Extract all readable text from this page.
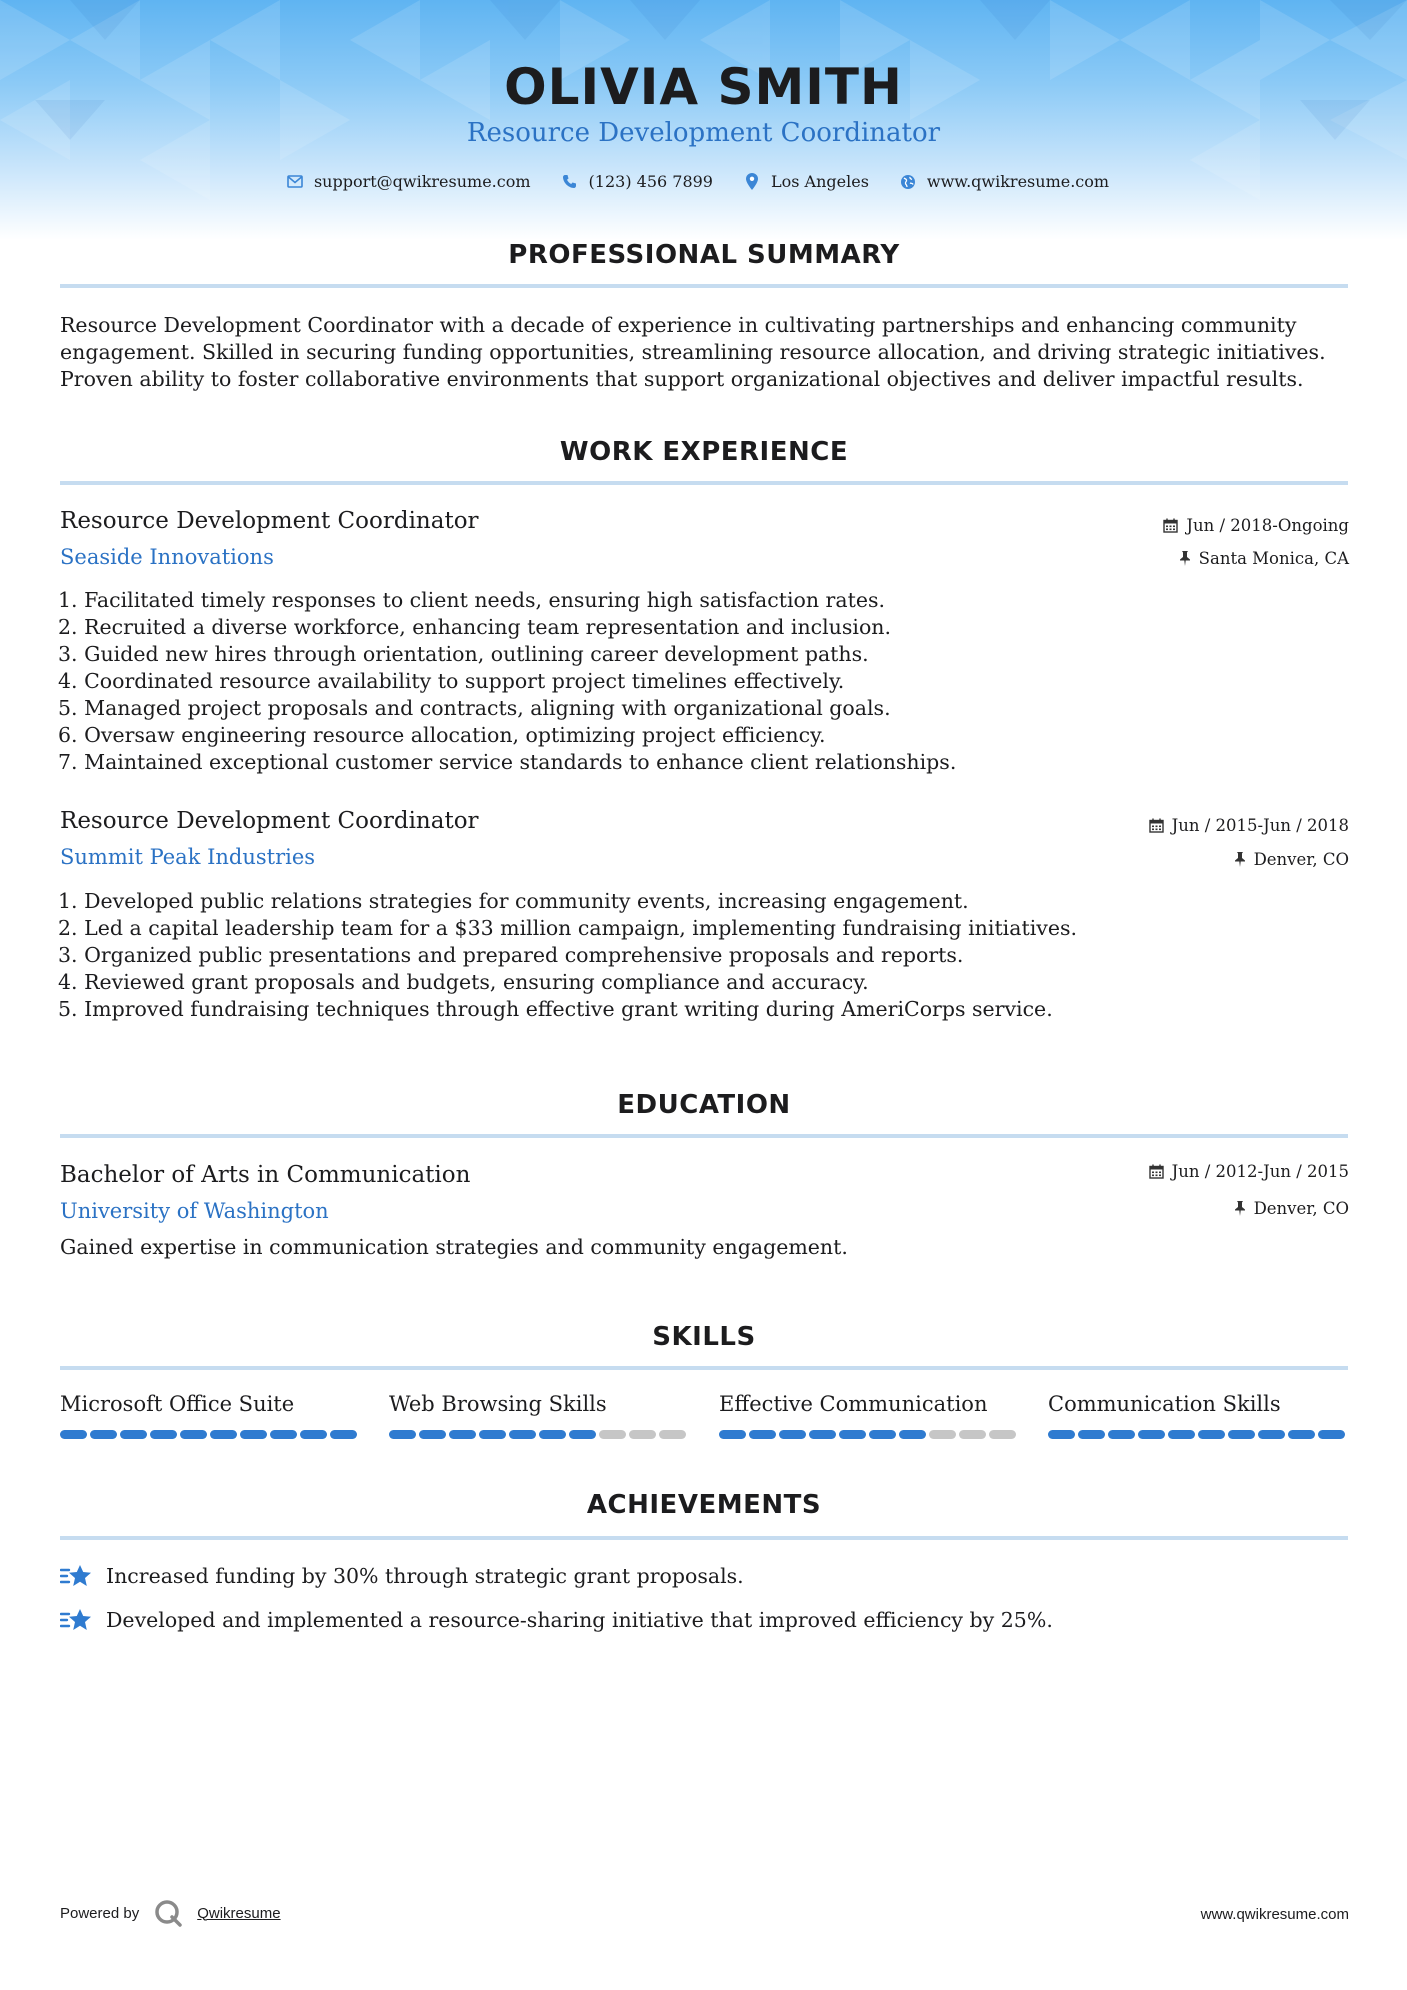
OLIVIA SMITH
Resource Development Coordinator
support@qwikresume.com	(123) 456 7899	Los Angeles	www.qwikresume.com
PROFESSIONAL SUMMARY
Resource Development Coordinator with a decade of experience in cultivating partnerships and enhancing community engagement. Skilled in securing funding opportunities, streamlining resource allocation, and driving strategic initiatives. Proven ability to foster collaborative environments that support organizational objectives and deliver impactful results.
WORK EXPERIENCE
Resource Development Coordinator	Jun / 2018-Ongoing
Seaside Innovations	Santa Monica, CA
1. Facilitated timely responses to client needs, ensuring high satisfaction rates.
2. Recruited a diverse workforce, enhancing team representation and inclusion.
3. Guided new hires through orientation, outlining career development paths.
4. Coordinated resource availability to support project timelines effectively.
5. Managed project proposals and contracts, aligning with organizational goals.
6. Oversaw engineering resource allocation, optimizing project efficiency.
7. Maintained exceptional customer service standards to enhance client relationships.
Resource Development Coordinator	Jun / 2015-Jun / 2018
Summit Peak Industries	Denver, CO
1. Developed public relations strategies for community events, increasing engagement.
2. Led a capital leadership team for a $33 million campaign, implementing fundraising initiatives.
3. Organized public presentations and prepared comprehensive proposals and reports.
4. Reviewed grant proposals and budgets, ensuring compliance and accuracy.
5. Improved fundraising techniques through effective grant writing during AmeriCorps service.
EDUCATION
Bachelor of Arts in Communication	Jun / 2012-Jun / 2015
University of Washington	Denver, CO
Gained expertise in communication strategies and community engagement.
SKILLS
Microsoft Office Suite	Web Browsing Skills	Effective Communication	Communication Skills
ACHIEVEMENTS
Increased funding by 30% through strategic grant proposals.
Developed and implemented a resource-sharing initiative that improved efficiency by 25%.
Powered by	Qwikresume	www.qwikresume.com
